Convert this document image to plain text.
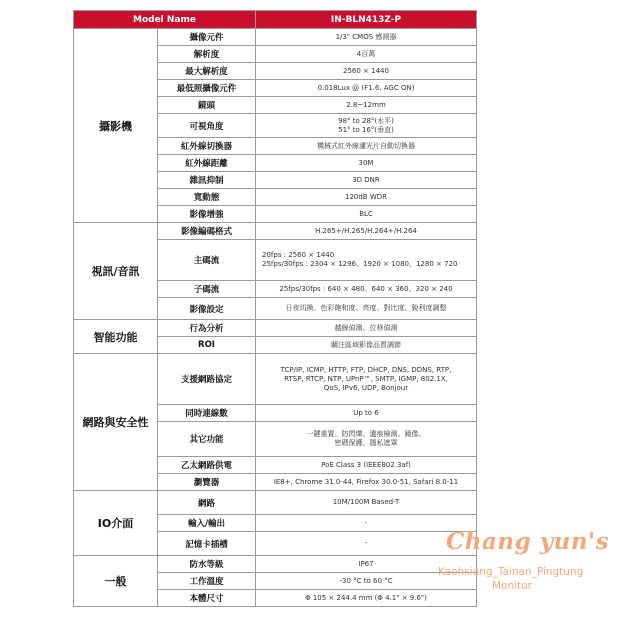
Model Name		IN-BLN413Z-P
攝影機	攝像元件	1/3" CMOS 感測器

	解析度	4百萬

	最大解析度	2560 × 1440

	最低照攝像元件	0.018Lux @ (F1.6, AGC ON)

	鏡頭	2.8~12mm

	可視角度	98° to 28°(水平)
51° to 16°(垂直)

	紅外線切換器	機械式紅外線濾光片自動切換器

	紅外線距離	30M

	雜訊抑制	3D DNR

	寬動態	120dB WDR

	影像增強	BLC

視訊/音訊	影像編碼格式	H.265+/H.265/H.264+/H.264

	主碼流	20fps : 2560 × 1440
25fps/30fps : 2304 × 1296、1920 × 1080、1280 × 720

	子碼流	25fps/30fps : 640 × 480、640 × 360、320 × 240

	影像設定	日夜切換、色彩飽和度、亮度、對比度、銳利度調整

智能功能	行為分析	越線偵測、位移偵測

	ROI	關注區域影像品質調節

網路與安全性	支援網路協定	TCP/IP, ICMP, HTTP, FTP, DHCP, DNS, DDNS, RTP,
RTSP, RTCP, NTP, UPnP™, SMTP, IGMP, 802.1X,
QoS, IPv6, UDP, Bonjour

	同時連線數	Up to 6

	其它功能	一鍵重置、防閃爍、遺痕檢測、鏡像、
密碼保護、隱私遮罩

	乙太網路供電	PoE Class 3 (IEEE802.3af)

	瀏覽器	IE8+, Chrome 31.0-44, Firefox 30.0-51, Safari 8.0-11

IO介面	網路	10M/100M Based-T

	輸入/輸出	-

	記憶卡插槽	-

一般	防水等級	IP67

	工作溫度	-30 °C to 60 °C

	本體尺寸	Φ 105 × 244.4 mm (Φ 4.1" × 9.6")
Chang yun's
Kaohsiung_Tainan_Pingtung
Monitor
